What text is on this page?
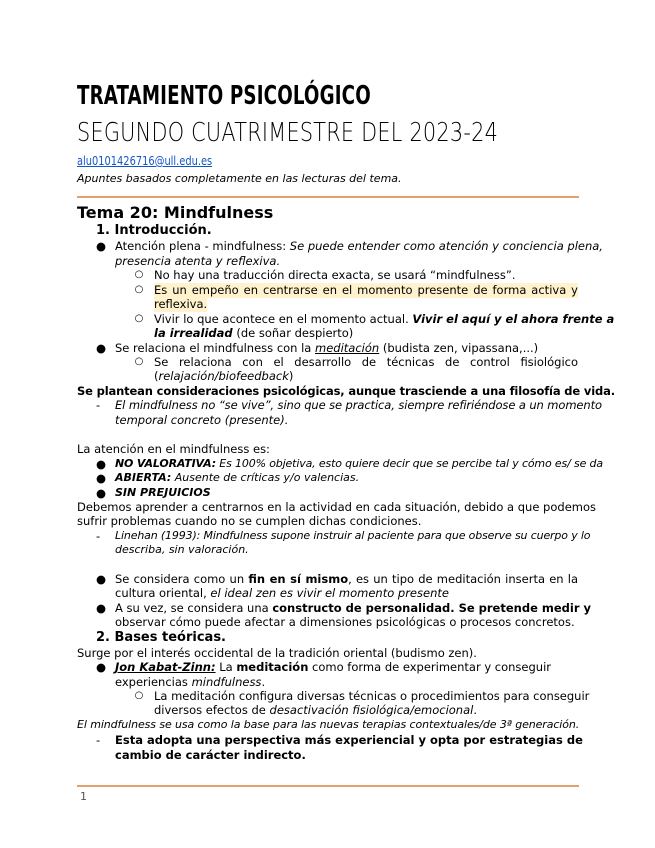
TRATAMIENTO PSICOLÓGICO
SEGUNDO CUATRIMESTRE DEL 2023-24
alu0101426716@ull.edu.es
Apuntes basados completamente en las lecturas del tema.
Tema 20: Mindfulness
1. Introducción.
● Atención plena - mindfulness: Se puede entender como atención y conciencia plena,
presencia atenta y reflexiva.
○ No hay una traducción directa exacta, se usará “mindfulness”.
○ Es un empeño en centrarse en el momento presente de forma activa y
reflexiva.
○ Vivir lo que acontece en el momento actual. Vivir el aquí y el ahora frente a
la irrealidad (de soñar despierto)
● Se relaciona el mindfulness con la meditación (budista zen, vipassana,...)
○ Se relaciona con el desarrollo de técnicas de control fisiológico
(relajación/biofeedback)
Se plantean consideraciones psicológicas, aunque trasciende a una filosofía de vida.
- El mindfulness no “se vive”, sino que se practica, siempre refiriéndose a un momento
temporal concreto (presente).
La atención en el mindfulness es:
● NO VALORATIVA: Es 100% objetiva, esto quiere decir que se percibe tal y cómo es/ se da
● ABIERTA: Ausente de críticas y/o valencias.
● SIN PREJUICIOS
Debemos aprender a centrarnos en la actividad en cada situación, debido a que podemos
sufrir problemas cuando no se cumplen dichas condiciones.
- Linehan (1993): Mindfulness supone instruir al paciente para que observe su cuerpo y lo
describa, sin valoración.
● Se considera como un fin en sí mismo, es un tipo de meditación inserta en la
cultura oriental, el ideal zen es vivir el momento presente
● A su vez, se considera una constructo de personalidad. Se pretende medir y
observar cómo puede afectar a dimensiones psicológicas o procesos concretos.
2. Bases teóricas.
Surge por el interés occidental de la tradición oriental (budismo zen).
● Jon Kabat-Zinn: La meditación como forma de experimentar y conseguir
experiencias mindfulness.
○ La meditación configura diversas técnicas o procedimientos para conseguir
diversos efectos de desactivación fisiológica/emocional.
El mindfulness se usa como la base para las nuevas terapias contextuales/de 3ª generación.
- Esta adopta una perspectiva más experiencial y opta por estrategias de
cambio de carácter indirecto.
1
